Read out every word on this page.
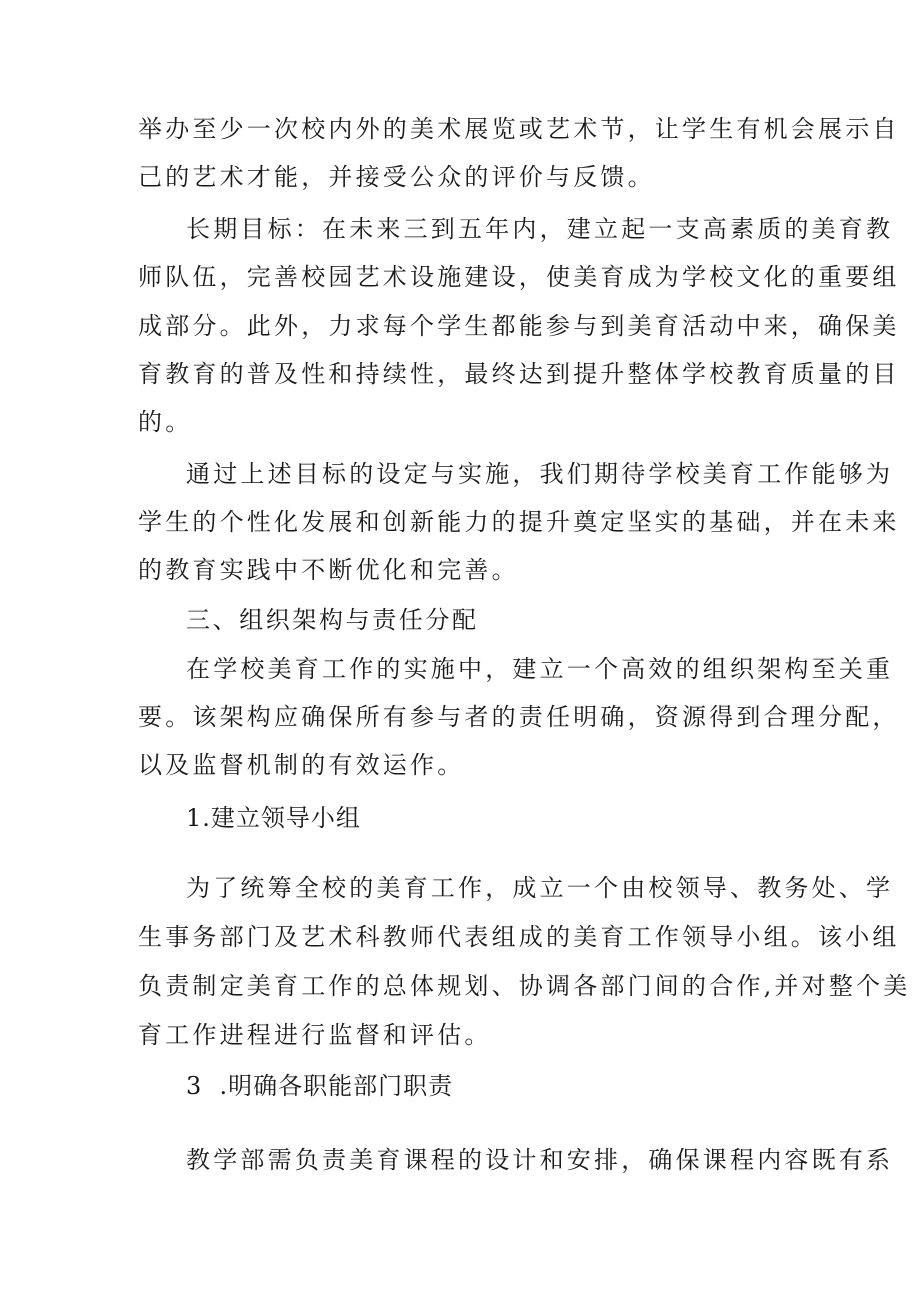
举办至少一次校内外的美术展览或艺术节，让学生有机会展示自
己的艺术才能，并接受公众的评价与反馈。
长期目标：在未来三到五年内，建立起一支高素质的美育教
师队伍，完善校园艺术设施建设，使美育成为学校文化的重要组
成部分。此外，力求每个学生都能参与到美育活动中来，确保美
育教育的普及性和持续性，最终达到提升整体学校教育质量的目
的。
通过上述目标的设定与实施，我们期待学校美育工作能够为
学生的个性化发展和创新能力的提升奠定坚实的基础，并在未来
的教育实践中不断优化和完善。
三、组织架构与责任分配
在学校美育工作的实施中，建立一个高效的组织架构至关重
要。该架构应确保所有参与者的责任明确，资源得到合理分配，
以及监督机制的有效运作。
1.建立领导小组
为了统筹全校的美育工作，成立一个由校领导、教务处、学
生事务部门及艺术科教师代表组成的美育工作领导小组。该小组
负责制定美育工作的总体规划、协调各部门间的合作,并对整个美
育工作进程进行监督和评估。
3  .明确各职能部门职责
教学部需负责美育课程的设计和安排，确保课程内容既有系
